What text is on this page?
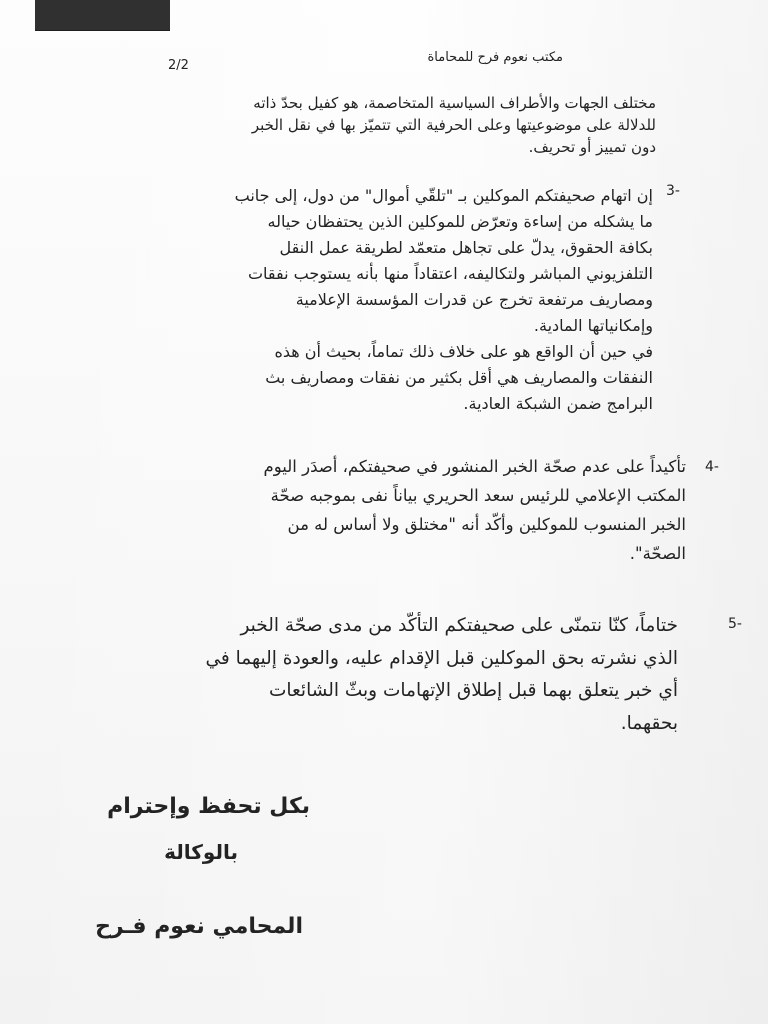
مكتب نعوم فرح للمحاماة
2/2
مختلف الجهات والأطراف السياسية المتخاصمة، هو كفيل بحدّ ذاته
للدلالة على موضوعيتها وعلى الحرفية التي تتميّز بها في نقل الخبر
دون تمييز أو تحريف.
3-
إن اتهام صحيفتكم الموكلين بـ "تلقّي أموال" من دول، إلى جانب
ما يشكله من إساءة وتعرّض للموكلين الذين يحتفظان حياله
بكافة الحقوق، يدلّ على تجاهل متعمّد لطريقة عمل النقل
التلفزيوني المباشر ولتكاليفه، اعتقاداً منها بأنه يستوجب نفقات
ومصاريف مرتفعة تخرج عن قدرات المؤسسة الإعلامية
وإمكانياتها المادية.
في حين أن الواقع هو على خلاف ذلك تماماً، بحيث أن هذه
النفقات والمصاريف هي أقل بكثير من نفقات ومصاريف بث
البرامج ضمن الشبكة العادية.
4-
تأكيداً على عدم صحّة الخبر المنشور في صحيفتكم، أصدَر اليوم
المكتب الإعلامي للرئيس سعد الحريري بياناً نفى بموجبه صحّة
الخبر المنسوب للموكلين وأكّد أنه "مختلق ولا أساس له من
الصحّة".
5-
ختاماً، كنّا نتمنّى على صحيفتكم التأكّد من مدى صحّة الخبر
الذي نشرته بحق الموكلين قبل الإقدام عليه، والعودة إليهما في
أي خبر يتعلق بهما قبل إطلاق الإتهامات وبثّ الشائعات
بحقهما.
بكل تحفظ وإحترام
بالوكالة
المحامي نعوم فـرح
